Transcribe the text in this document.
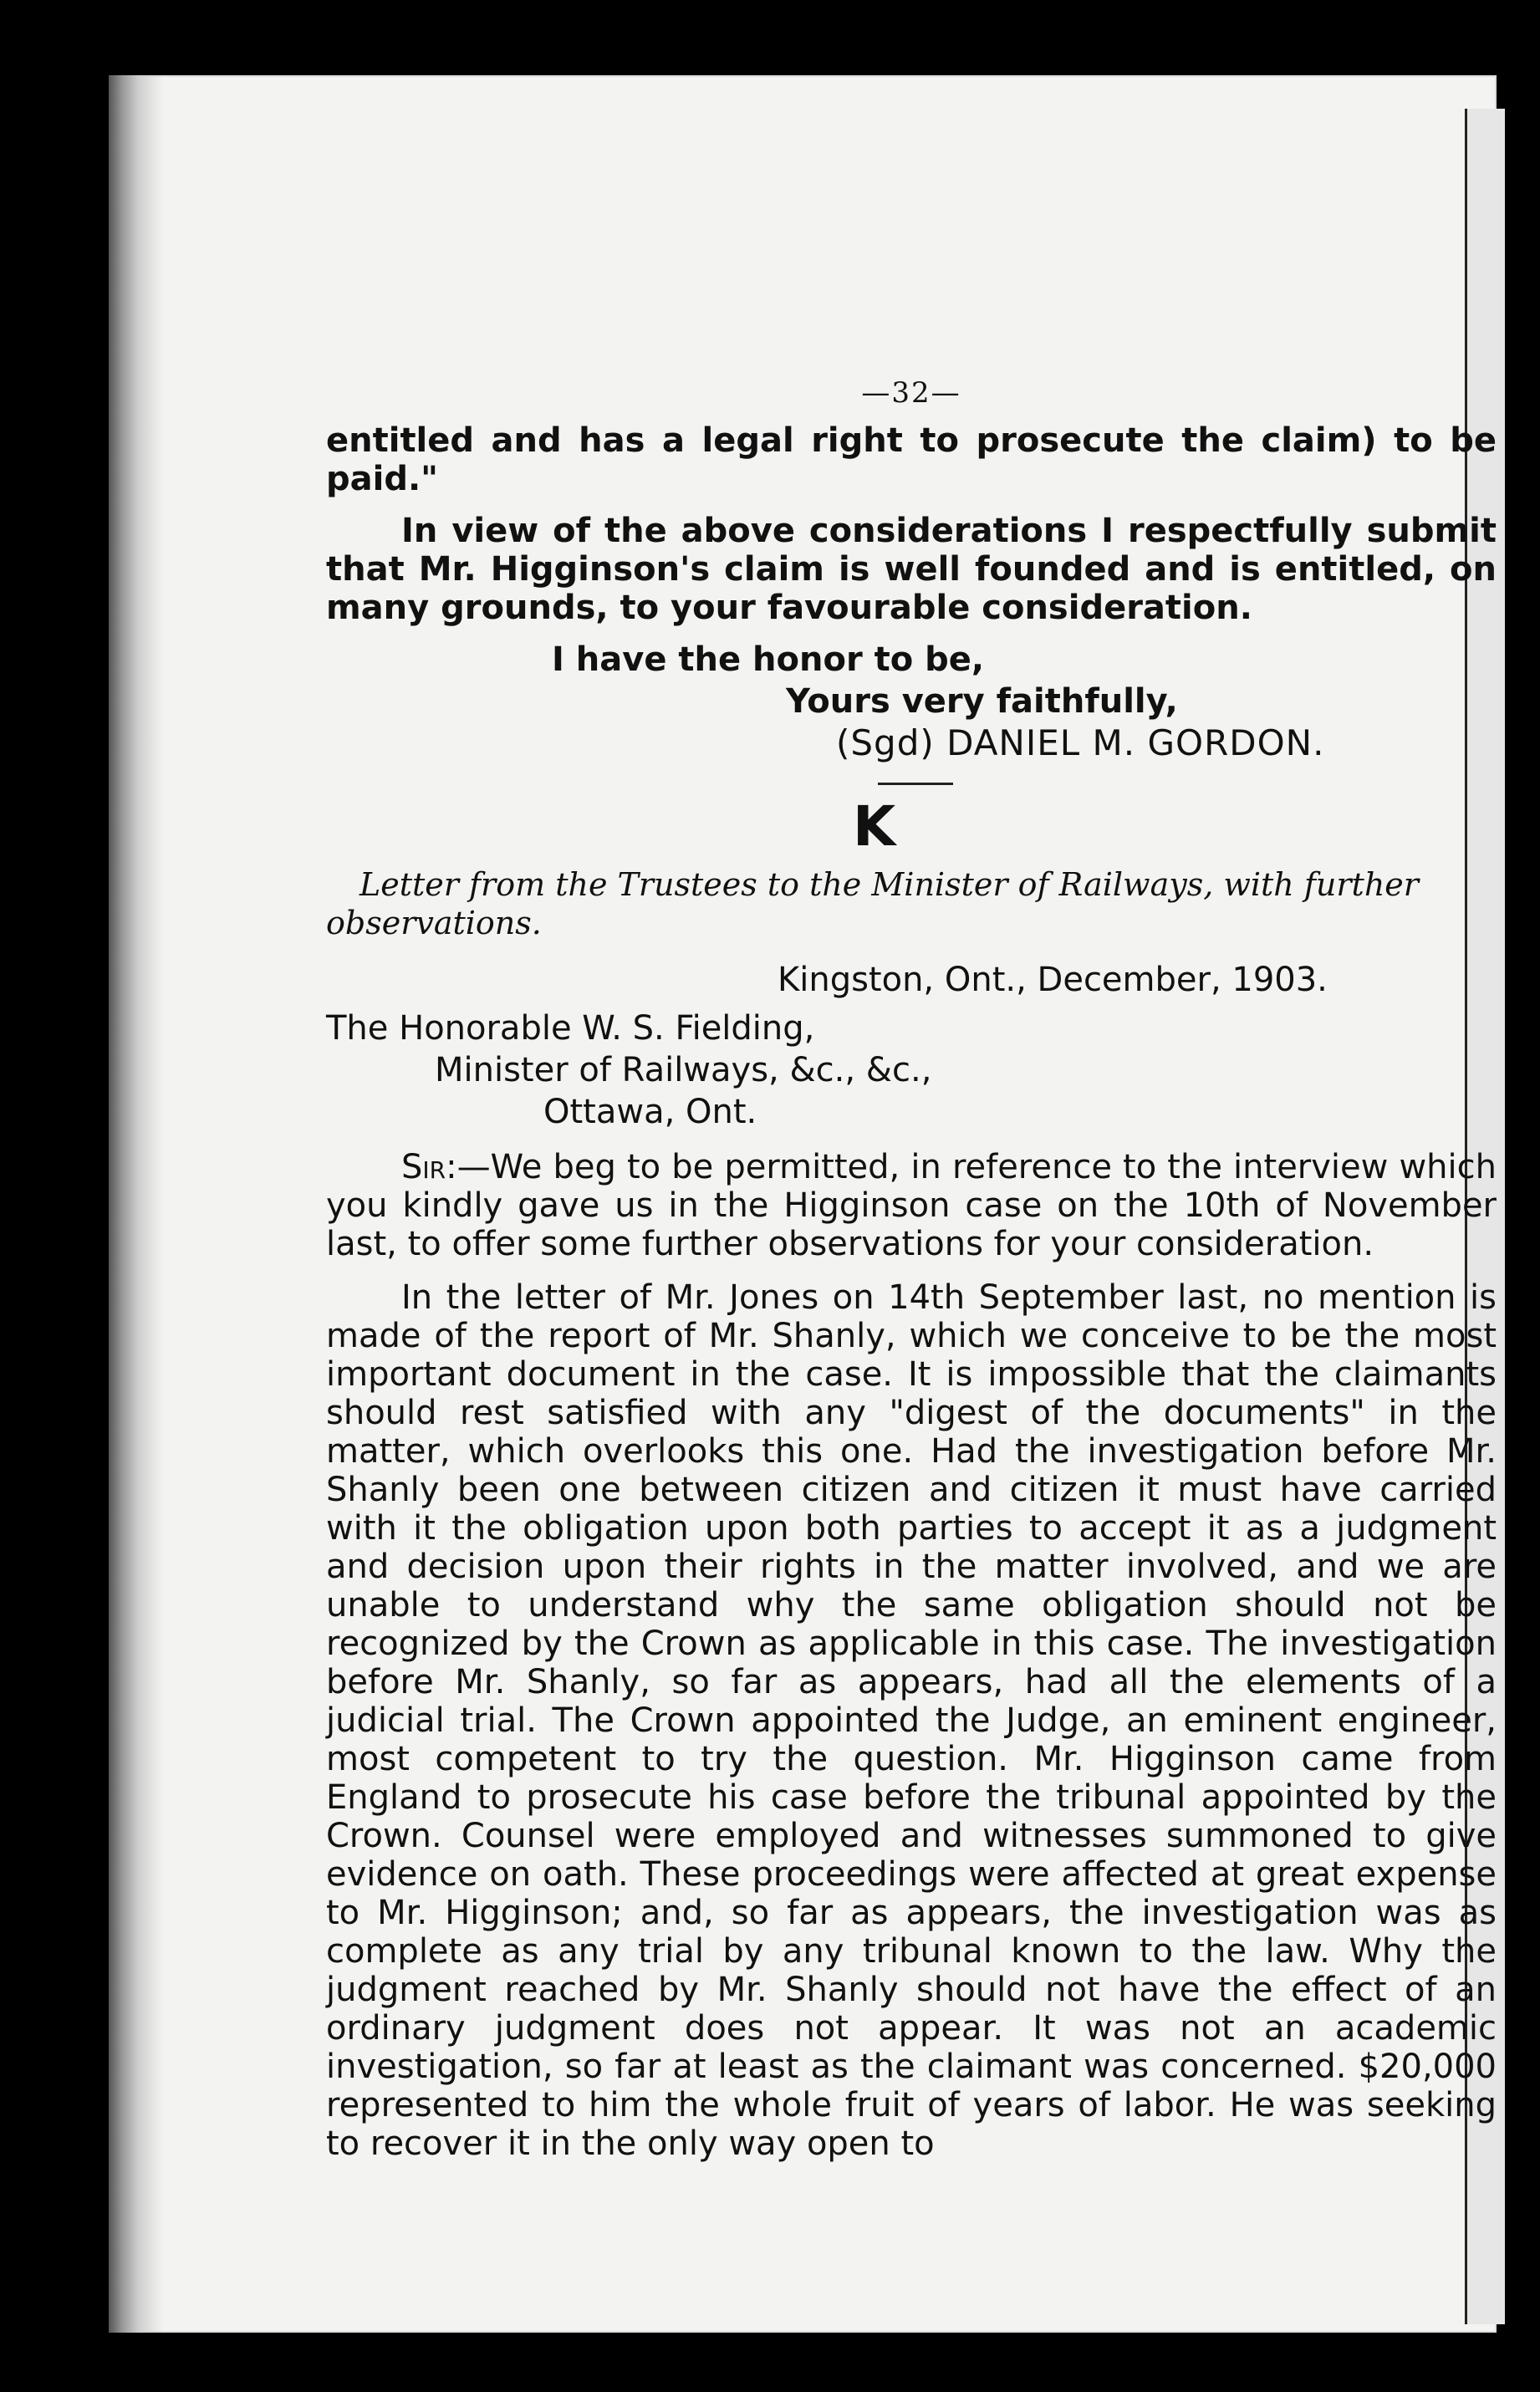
—32—

entitled and has a legal right to prosecute the claim) to be paid."

In view of the above considerations I respectfully submit that Mr. Higginson's claim is well founded and is entitled, on many grounds, to your favourable consideration.

I have the honor to be,
Yours very faithfully,
(Sgd) DANIEL M. GORDON.
K

Letter from the Trustees to the Minister of Railways, with further observations.

Kingston, Ont., December, 1903.
The Honorable W. S. Fielding,
Minister of Railways, &c., &c.,
Ottawa, Ont.

Sir:—We beg to be permitted, in reference to the interview which you kindly gave us in the Higginson case on the 10th of November last, to offer some further observations for your consideration.

In the letter of Mr. Jones on 14th September last, no mention is made of the report of Mr. Shanly, which we conceive to be the most important document in the case. It is impossible that the claimants should rest satisfied with any "digest of the documents" in the matter, which overlooks this one. Had the investigation before Mr. Shanly been one between citizen and citizen it must have carried with it the obligation upon both parties to accept it as a judgment and decision upon their rights in the matter involved, and we are unable to understand why the same obligation should not be recognized by the Crown as applicable in this case. The investigation before Mr. Shanly, so far as appears, had all the elements of a judicial trial. The Crown appointed the Judge, an eminent engineer, most competent to try the question. Mr. Higginson came from England to prosecute his case before the tribunal appointed by the Crown. Counsel were employed and witnesses summoned to give evidence on oath. These proceedings were affected at great expense to Mr. Higginson; and, so far as appears, the investigation was as complete as any trial by any tribunal known to the law. Why the judgment reached by Mr. Shanly should not have the effect of an ordinary judgment does not appear. It was not an academic investigation, so far at least as the claimant was concerned. $20,000 represented to him the whole fruit of years of labor. He was seeking to recover it in the only way open to
